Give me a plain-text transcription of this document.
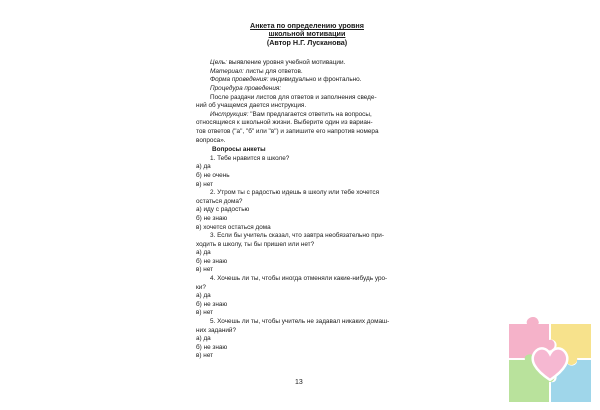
Анкета по определению уровня
школьной мотивации
(Автор Н.Г. Лусканова)
Цель: выявление уровня учебной мотивации.
Материал: листы для ответов.
Форма проведения: индивидуально и фронтально.
Процедура проведения:
После раздачи листов для ответов и заполнения сведе-
ний об учащемся дается инструкция.
Инструкция: "Вам предлагается ответить на вопросы,
относящиеся к школьной жизни. Выберите один из вариан-
тов ответов ("а", "б" или "в") и запишите его напротив номера
вопроса».
Вопросы анкеты
1. Тебе нравится в школе?
а) да
б) не очень
в) нет
2. Утром ты с радостью идешь в школу или тебе хочется
остаться дома?
а) иду с радостью
б) не знаю
в) хочется остаться дома
3. Если бы учитель сказал, что завтра необязательно при-
ходить в школу, ты бы пришел или нет?
а) да
б) не знаю
в) нет
4. Хочешь ли ты, чтобы иногда отменяли какие-нибудь уро-
ки?
а) да
б) не знаю
в) нет
5. Хочешь ли ты, чтобы учитель не задавал никаких домаш-
них заданий?
а) да
б) не знаю
в) нет
13
